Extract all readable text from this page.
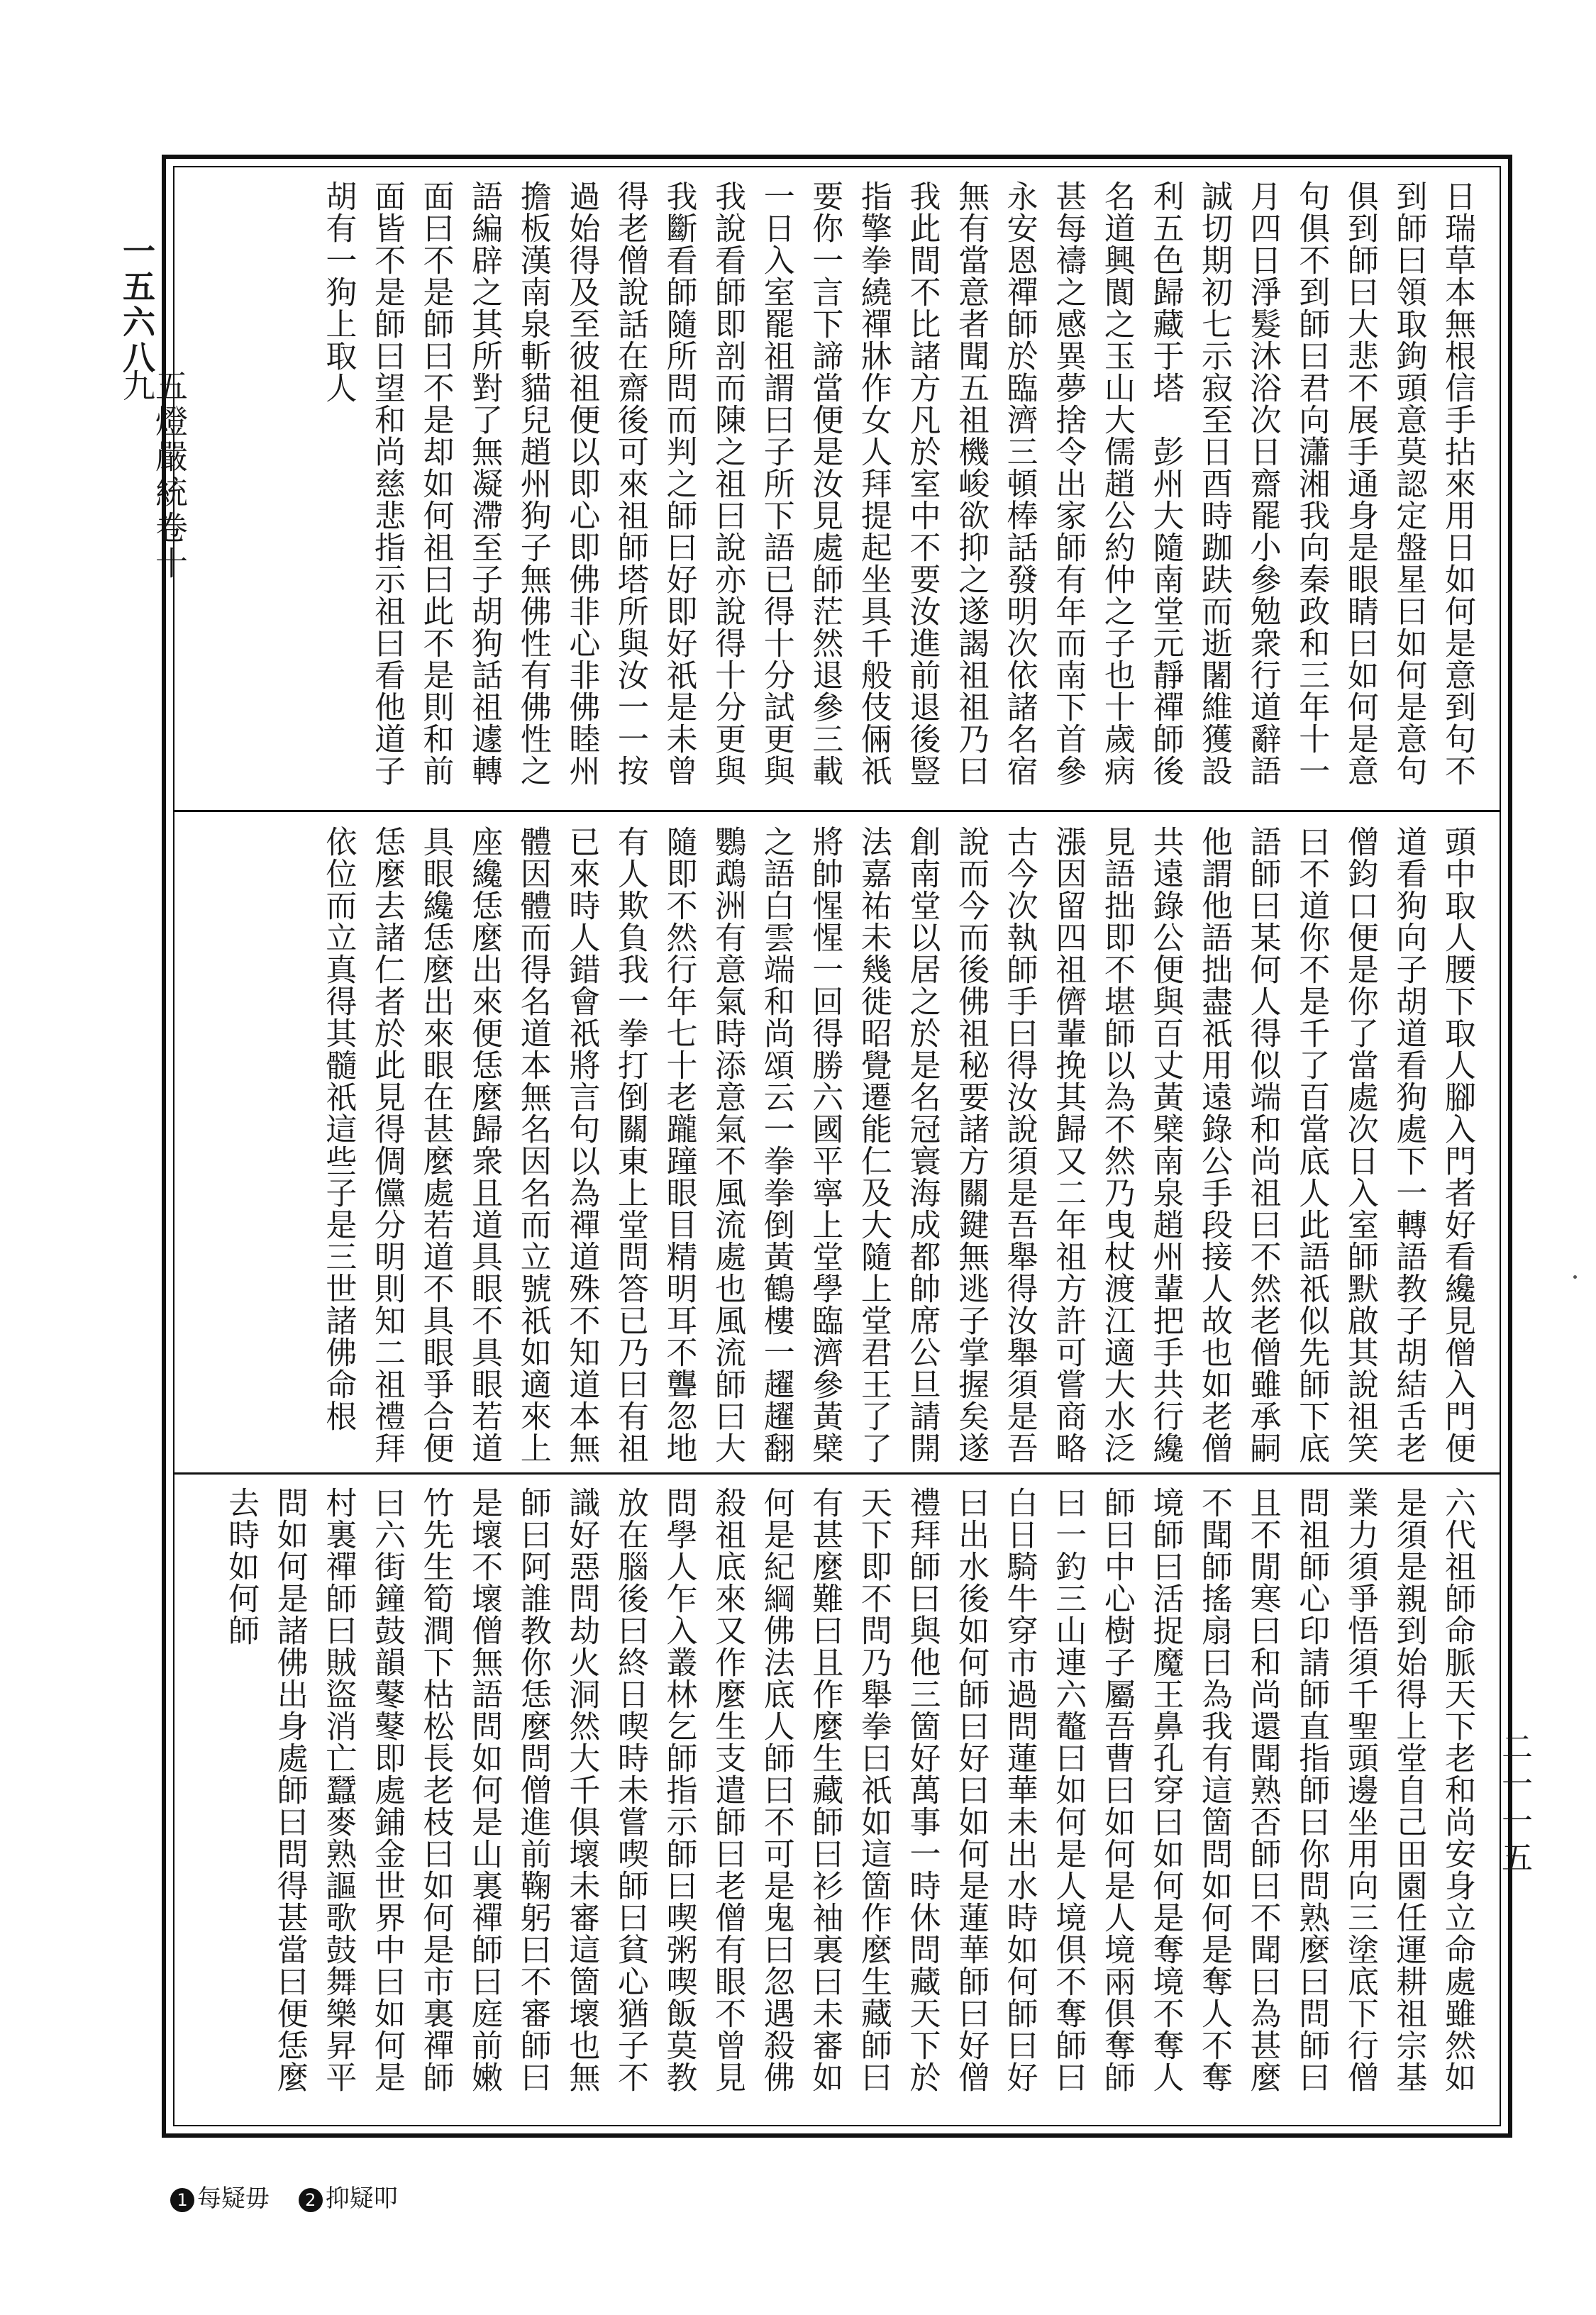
一五六八
五燈嚴統卷十九	日瑞草本無根信手拈來用日如何是意到句不到師曰領取鉤頭意莫認定盤星曰如何是意句俱到師曰大悲不展手通身是眼睛曰如何是意句俱不到師曰君向瀟湘我向秦政和三年十一月四日淨髮沐浴次日齋罷小參勉衆行道辭語誠切期初七示寂至日酉時跏趺而逝闍維獲設利五色歸藏于塔　彭州大隨南堂元靜禪師後名道興閬之玉山大儒趙公約仲之子也十歲病甚每禱之感異夢捨令出家師有年而南下首參永安恩禪師於臨濟三頓棒話發明次依諸名宿無有當意者聞五祖機峻欲抑之遂謁祖祖乃曰我此間不比諸方凡於室中不要汝進前退後豎指擎拳繞禪牀作女人拜提起坐具千般伎倆祇要你一言下諦當便是汝見處師茫然退參三載一日入室罷祖謂曰子所下語已得十分試更與我說看師即剖而陳之祖曰說亦說得十分更與我斷看師隨所問而判之師曰好即好祇是未曾得老僧說話在齋後可來祖師塔所與汝一一按過始得及至彼祖便以即心即佛非心非佛睦州擔板漢南泉斬貓兒趙州狗子無佛性有佛性之語編辟之其所對了無凝滯至子胡狗話祖遽轉面曰不是師曰不是却如何祖曰此不是則和前面皆不是師曰望和尚慈悲指示祖曰看他道子胡有一狗上取人
頭中取人腰下取人腳入門者好看纔見僧入門便道看狗向子胡道看狗處下一轉語教子胡結舌老僧鈞口便是你了當處次日入室師默啟其說祖笑曰不道你不是千了百當底人此語祇似先師下底語師曰某何人得似端和尚祖曰不然老僧雖承嗣他謂他語拙盡祇用遠錄公手段接人故也如老僧共遠錄公便與百丈黃檗南泉趙州輩把手共行纔見語拙即不堪師以為不然乃曳杖渡江適大水泛漲因留四祖儕輩挽其歸又二年祖方許可嘗商略古今次執師手曰得汝說須是吾舉得汝舉須是吾說而今而後佛祖秘要諸方關鍵無逃子掌握矣遂創南堂以居之於是名冠寰海成都帥席公旦請開法嘉祐未幾徙昭覺遷能仁及大隨上堂君王了了將帥惺惺一回得勝六國平寧上堂學臨濟參黃檗之語白雲端和尚頌云一拳拳倒黃鶴樓一趯趯翻鸚鵡洲有意氣時添意氣不風流處也風流師曰大隨即不然行年七十老躘蹱眼目精明耳不聾忽地有人欺負我一拳打倒關東上堂問答已乃曰有祖已來時人錯會祇將言句以為禪道殊不知道本無體因體而得名道本無名因名而立號祇如適來上座纔恁麼出來便恁麼歸衆且道具眼不具眼若道具眼纔恁麼出來眼在甚麼處若道不具眼爭合便恁麼去諸仁者於此見得倜儻分明則知二祖禮拜依位而立真得其髓祇這些子是三世諸佛命根
六代祖師命脈天下老和尚安身立命處雖然如是須是親到始得上堂自己田園任運耕祖宗基業力須爭悟須千聖頭邊坐用向三塗底下行僧問祖師心印請師直指師曰你問熟麼曰問師曰且不閒寒曰和尚還聞熟否師曰不聞曰為甚麼不聞師搖扇曰為我有這箇問如何是奪人不奪境師曰活捉魔王鼻孔穿曰如何是奪境不奪人師曰中心樹子屬吾曹曰如何是人境兩俱奪師曰一釣三山連六鼇曰如何是人境俱不奪師曰白日騎牛穿市過問蓮華未出水時如何師曰好曰出水後如何師曰好曰如何是蓮華師曰好僧禮拜師曰與他三箇好萬事一時休問藏天下於天下即不問乃舉拳曰祇如這箇作麼生藏師曰有甚麼難曰且作麼生藏師曰衫袖裏曰未審如何是紀綱佛法底人師曰不可是鬼曰忽遇殺佛殺祖底來又作麼生支遣師曰老僧有眼不曾見問學人乍入叢林乞師指示師曰喫粥喫飯莫教放在腦後曰終日喫時未嘗喫師曰貧心猶子不識好惡問劫火洞然大千俱壞未審這箇壞也無師曰阿誰教你恁麼問僧進前鞠躬曰不審師曰是壞不壞僧無語問如何是山裏禪師曰庭前嫩竹先生筍澗下枯松長老枝曰如何是市裏禪師曰六街鐘鼓韻鼕鼕即處鋪金世界中曰如何是村裏禪師曰賊盜消亡蠶麥熟謳歌鼓舞樂昇平問如何是諸佛出身處師曰問得甚當曰便恁麼去時如何師
二一一五
1 每疑毋 2 抑疑叩
